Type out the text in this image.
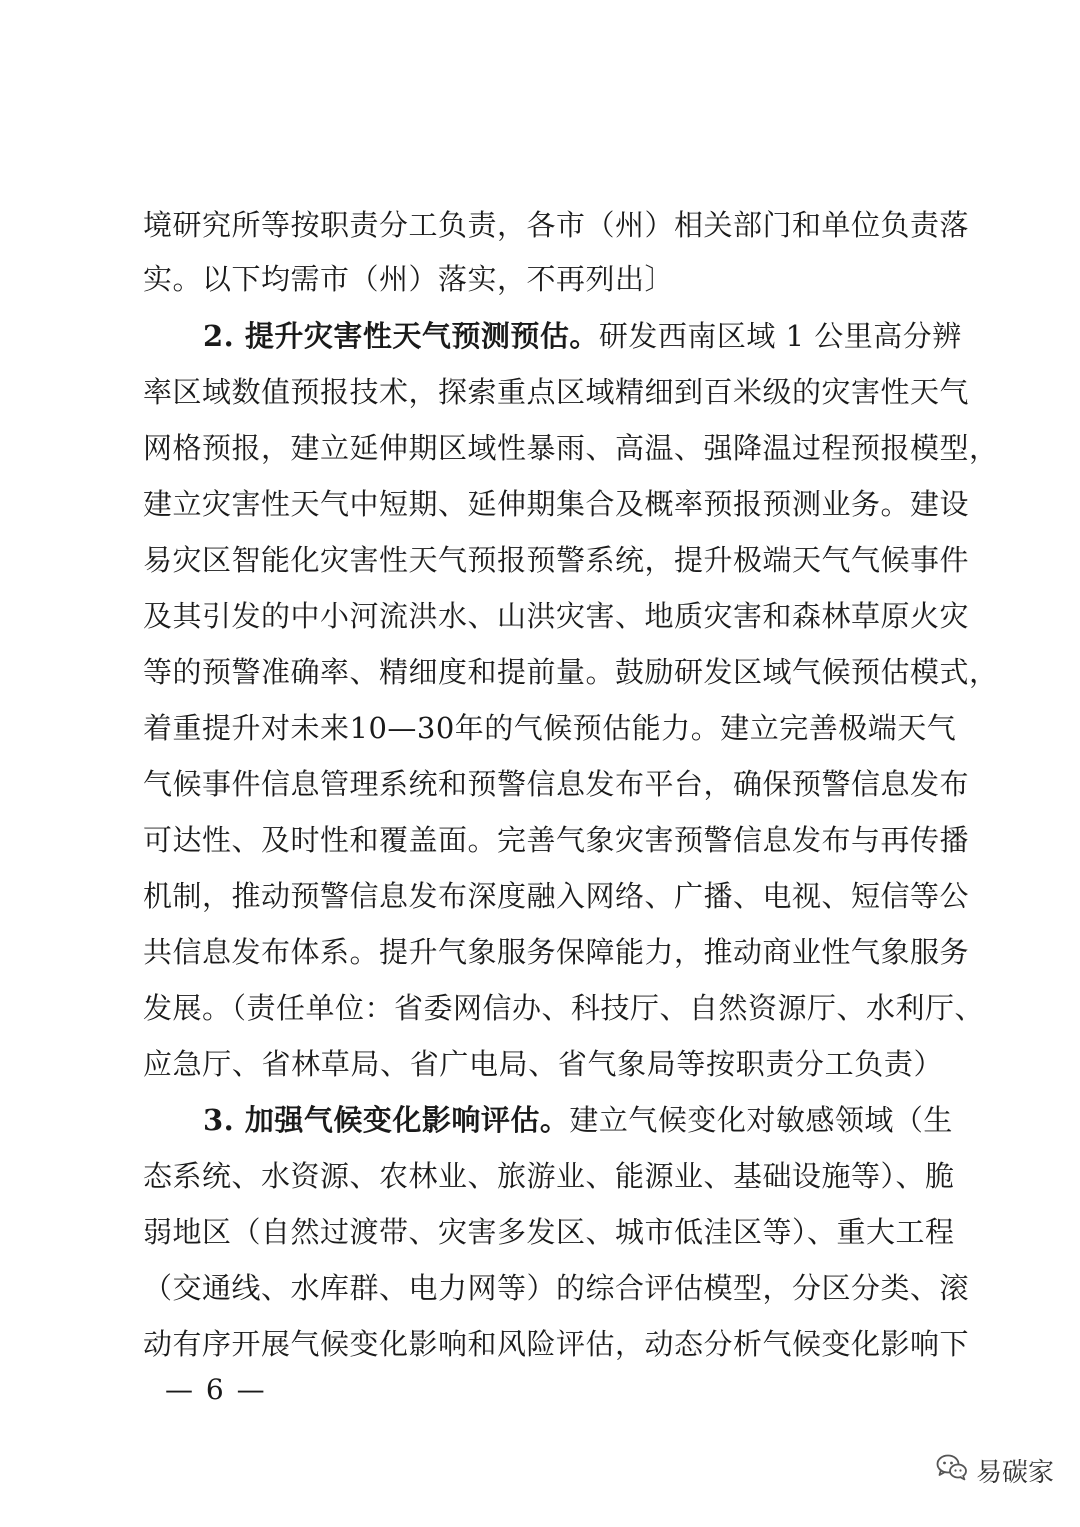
境研究所等按职责分工负责，各市（州）相关部门和单位负责落
实。以下均需市（州）落实，不再列出〕
2. 提升灾害性天气预测预估。研发西南区域 1 公里高分辨
率区域数值预报技术，探索重点区域精细到百米级的灾害性天气
网格预报，建立延伸期区域性暴雨、高温、强降温过程预报模型，
建立灾害性天气中短期、延伸期集合及概率预报预测业务。建设
易灾区智能化灾害性天气预报预警系统，提升极端天气气候事件
及其引发的中小河流洪水、山洪灾害、地质灾害和森林草原火灾
等的预警准确率、精细度和提前量。鼓励研发区域气候预估模式，
着重提升对未来10—30年的气候预估能力。建立完善极端天气
气候事件信息管理系统和预警信息发布平台，确保预警信息发布
可达性、及时性和覆盖面。完善气象灾害预警信息发布与再传播
机制，推动预警信息发布深度融入网络、广播、电视、短信等公
共信息发布体系。提升气象服务保障能力，推动商业性气象服务
发展。（责任单位：省委网信办、科技厅、自然资源厅、水利厅、
应急厅、省林草局、省广电局、省气象局等按职责分工负责）
3. 加强气候变化影响评估。建立气候变化对敏感领域（生
态系统、水资源、农林业、旅游业、能源业、基础设施等）、脆
弱地区（自然过渡带、灾害多发区、城市低洼区等）、重大工程
（交通线、水库群、电力网等）的综合评估模型，分区分类、滚
动有序开展气候变化影响和风险评估，动态分析气候变化影响下
— 6 —
易碳家
